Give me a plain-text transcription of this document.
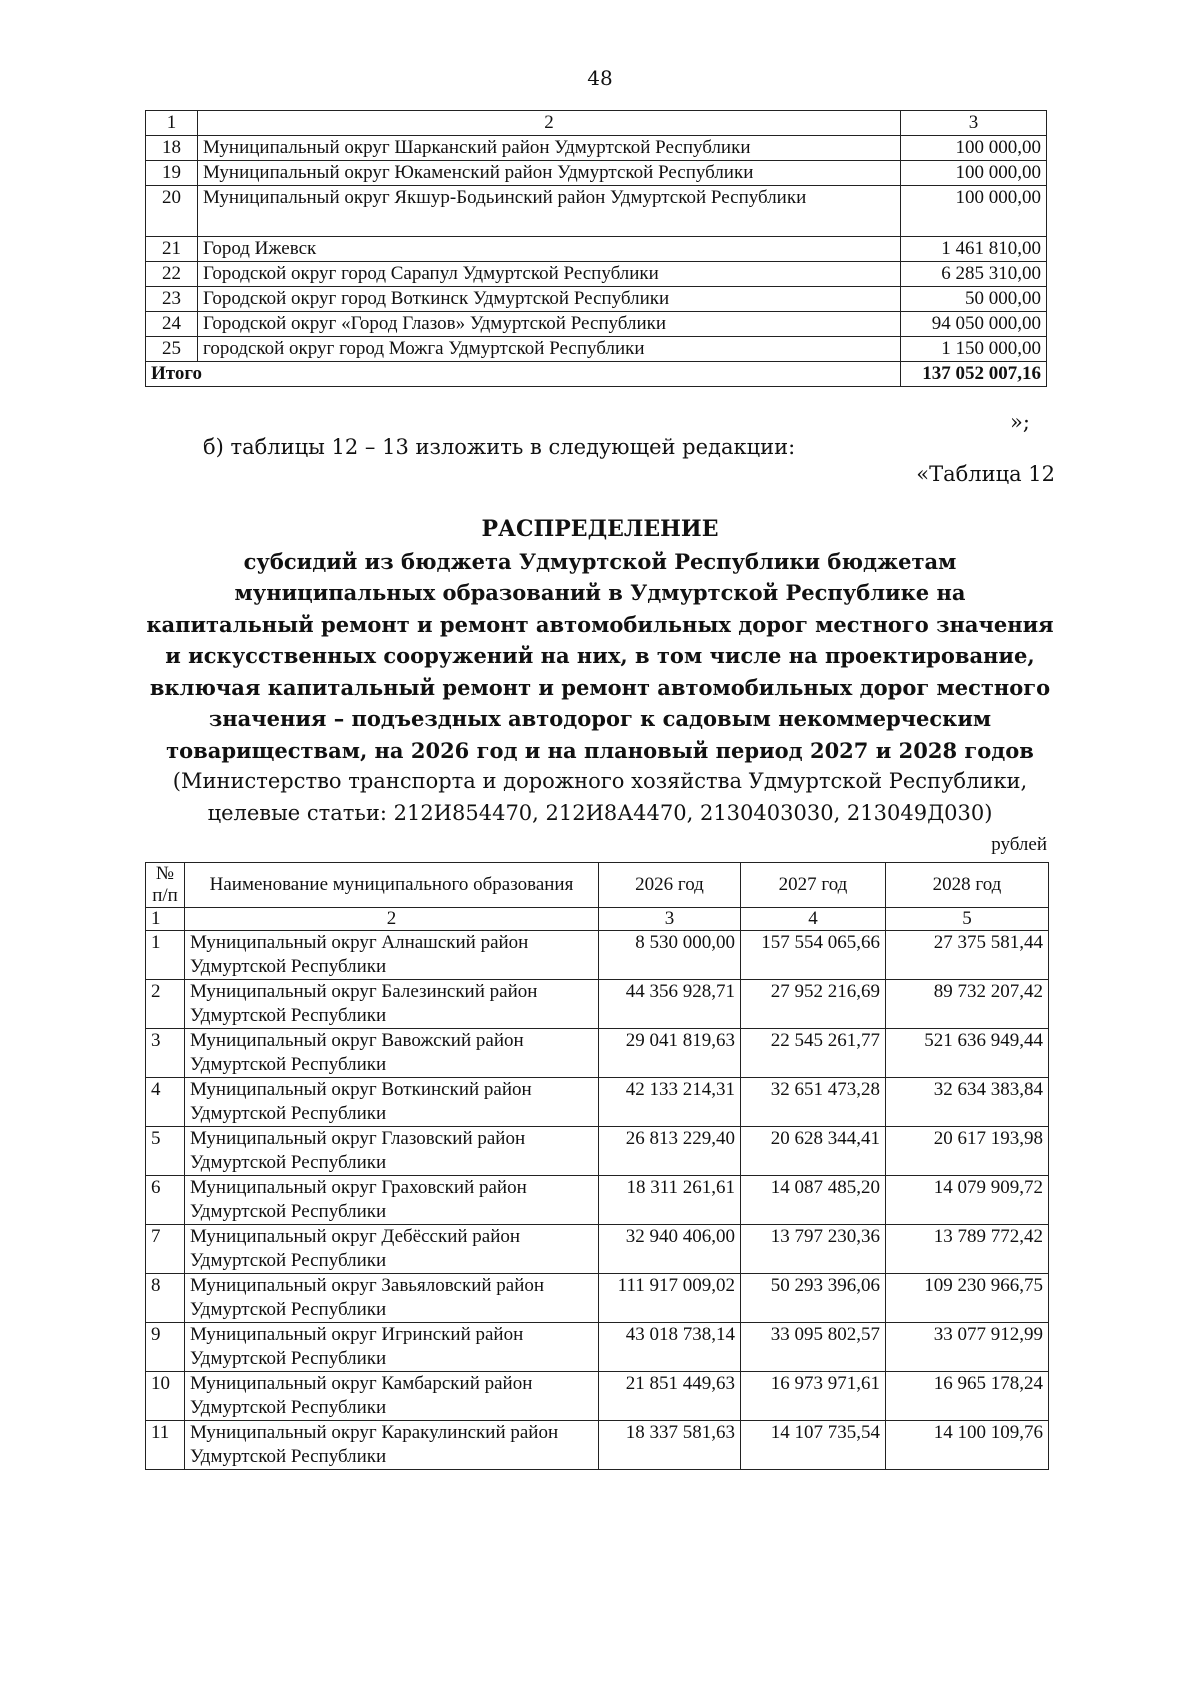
48
1	2	3
18	Муниципальный округ Шарканский район Удмуртской Республики	100 000,00
19	Муниципальный округ Юкаменский район Удмуртской Республики	100 000,00
20	Муниципальный округ Якшур-Бодьинский район Удмуртской Республики	100 000,00
21	Город Ижевск	1 461 810,00
22	Городской округ город Сарапул Удмуртской Республики	6 285 310,00
23	Городской округ город Воткинск Удмуртской Республики	50 000,00
24	Городской округ «Город Глазов» Удмуртской Республики	94 050 000,00
25	городской округ город Можга Удмуртской Республики	1 150 000,00
Итого		137 052 007,16
»;
б) таблицы 12 – 13 изложить в следующей редакции:
«Таблица 12
РАСПРЕДЕЛЕНИЕ
субсидий из бюджета Удмуртской Республики бюджетам
муниципальных образований в Удмуртской Республике на
капитальный ремонт и ремонт автомобильных дорог местного значения
и искусственных сооружений на них, в том числе на проектирование,
включая капитальный ремонт и ремонт автомобильных дорог местного
значения – подъездных автодорог к садовым некоммерческим
товариществам, на 2026 год и на плановый период 2027 и 2028 годов
(Министерство транспорта и дорожного хозяйства Удмуртской Республики,
целевые статьи: 212И854470, 212И8А4470, 2130403030, 213049Д030)
рублей
№ п/п	Наименование муниципального образования	2026 год	2027 год	2028 год
1	2	3	4	5
1	Муниципальный округ Алнашский район Удмуртской Республики	8 530 000,00	157 554 065,66	27 375 581,44
2	Муниципальный округ Балезинский район Удмуртской Республики	44 356 928,71	27 952 216,69	89 732 207,42
3	Муниципальный округ Вавожский район Удмуртской Республики	29 041 819,63	22 545 261,77	521 636 949,44
4	Муниципальный округ Воткинский район Удмуртской Республики	42 133 214,31	32 651 473,28	32 634 383,84
5	Муниципальный округ Глазовский район Удмуртской Республики	26 813 229,40	20 628 344,41	20 617 193,98
6	Муниципальный округ Граховский район Удмуртской Республики	18 311 261,61	14 087 485,20	14 079 909,72
7	Муниципальный округ Дебёсский район Удмуртской Республики	32 940 406,00	13 797 230,36	13 789 772,42
8	Муниципальный округ Завьяловский район Удмуртской Республики	111 917 009,02	50 293 396,06	109 230 966,75
9	Муниципальный округ Игринский район Удмуртской Республики	43 018 738,14	33 095 802,57	33 077 912,99
10	Муниципальный округ Камбарский район Удмуртской Республики	21 851 449,63	16 973 971,61	16 965 178,24
11	Муниципальный округ Каракулинский район Удмуртской Республики	18 337 581,63	14 107 735,54	14 100 109,76
